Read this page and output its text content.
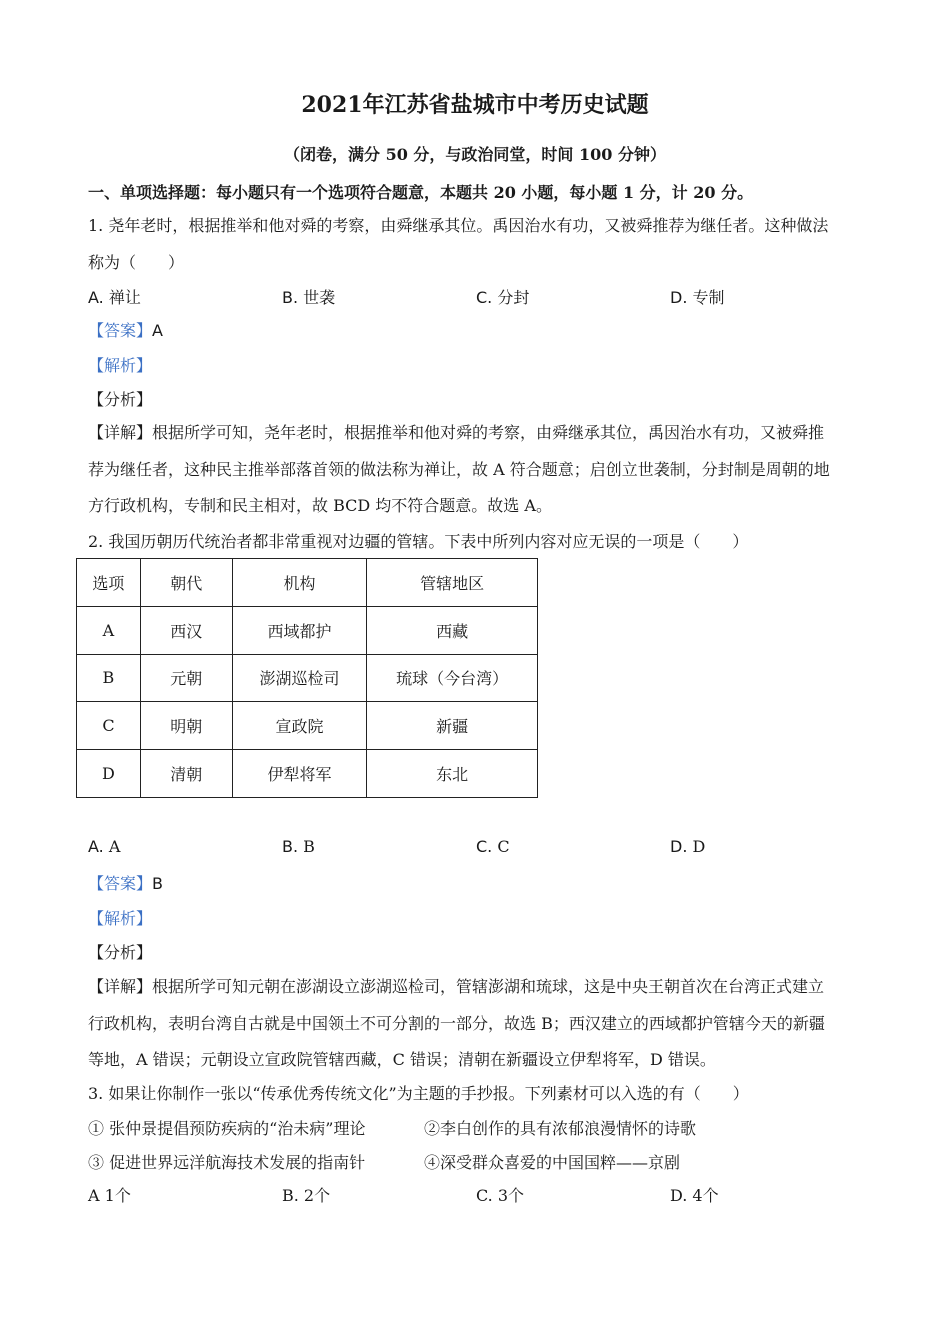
2021年江苏省盐城市中考历史试题
（闭卷，满分 50 分，与政治同堂，时间 100 分钟）
一、单项选择题：每小题只有一个选项符合题意，本题共 20 小题，每小题 1 分，计 20 分。
1. 尧年老时，根据推举和他对舜的考察，由舜继承其位。禹因治水有功，又被舜推荐为继任者。这种做法
称为（　　）
A. 禅让	B. 世袭	C. 分封	D. 专制
【答案】A
【解析】
【分析】
【详解】根据所学可知，尧年老时，根据推举和他对舜的考察，由舜继承其位，禹因治水有功，又被舜推
荐为继任者，这种民主推举部落首领的做法称为禅让，故 A 符合题意；启创立世袭制，分封制是周朝的地
方行政机构，专制和民主相对，故 BCD 均不符合题意。故选 A。
2. 我国历朝历代统治者都非常重视对边疆的管辖。下表中所列内容对应无误的一项是（　　）
选项	朝代	机构	管辖地区
A	西汉	西域都护	西藏
B	元朝	澎湖巡检司	琉球（今台湾）
C	明朝	宣政院	新疆
D	清朝	伊犁将军	东北
A. A	B. B	C. C	D. D
【答案】B
【解析】
【分析】
【详解】根据所学可知元朝在澎湖设立澎湖巡检司，管辖澎湖和琉球，这是中央王朝首次在台湾正式建立
行政机构，表明台湾自古就是中国领土不可分割的一部分，故选 B；西汉建立的西域都护管辖今天的新疆
等地，A 错误；元朝设立宣政院管辖西藏，C 错误；清朝在新疆设立伊犁将军，D 错误。
3. 如果让你制作一张以“传承优秀传统文化”为主题的手抄报。下列素材可以入选的有（　　）
① 张仲景提倡预防疾病的“治未病”理论	②李白创作的具有浓郁浪漫情怀的诗歌
③ 促进世界远洋航海技术发展的指南针	④深受群众喜爱的中国国粹——京剧
A 1个	B. 2个	C. 3个	D. 4个
